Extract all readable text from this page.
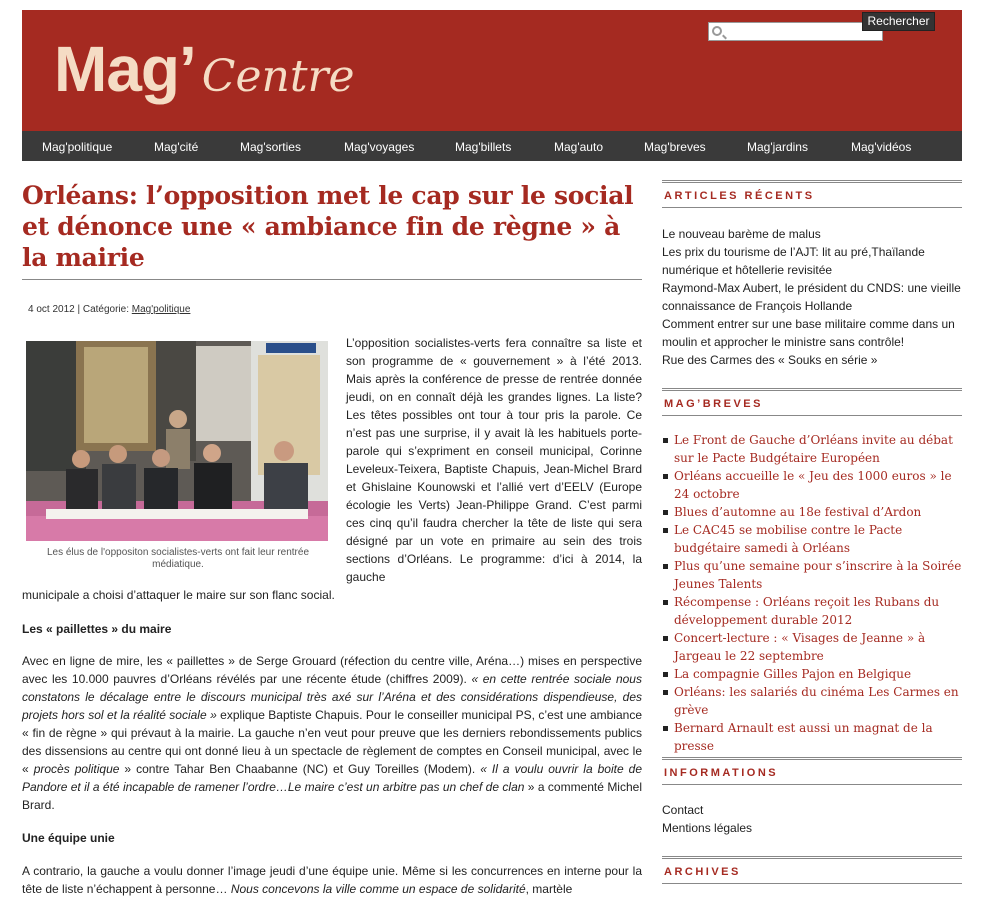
Mag’ Centre
Rechercher
Mag'politique	Mag'cité	Mag'sorties	Mag'voyages	Mag'billets	Mag'auto	Mag'breves	Mag'jardins	Mag'vidéos
Orléans: l’opposition met le cap sur le social et dénonce une « ambiance fin de règne » à la mairie
4 oct 2012 | Catégorie: Mag'politique
Les élus de l'oppositon socialistes-verts ont fait leur rentrée médiatique.
L’opposition socialistes-verts fera connaître sa liste et son programme de « gouvernement » à l’été 2013. Mais après la conférence de presse de rentrée donnée jeudi, on en connaît déjà les grandes lignes. La liste? Les têtes possibles ont tour à tour pris la parole. Ce n’est pas une surprise, il y avait là les habituels porte-parole qui s’expriment en conseil municipal, Corinne Leveleux-Teixera, Baptiste Chapuis, Jean-Michel Brard et Ghislaine Kounowski et l’allié vert d’EELV (Europe écologie les Verts) Jean-Philippe Grand. C’est parmi ces cinq qu’il faudra chercher la tête de liste qui sera désigné par un vote en primaire au sein des trois sections d’Orléans. Le programme: d’ici à 2014, la gauche
municipale a choisi d’attaquer le maire sur son flanc social.
Les « paillettes » du maire
Avec en ligne de mire, les « paillettes » de Serge Grouard (réfection du centre ville, Aréna…) mises en perspective avec les 10.000 pauvres d’Orléans révélés par une récente étude (chiffres 2009). « en cette rentrée sociale nous constatons le décalage entre le discours municipal très axé sur l’Aréna et des considérations dispendieuse, des projets hors sol et la réalité sociale » explique Baptiste Chapuis. Pour le conseiller municipal PS, c’est une ambiance « fin de règne » qui prévaut à la mairie. La gauche n’en veut pour preuve que les derniers rebondissements publics des dissensions au centre qui ont donné lieu à un spectacle de règlement de comptes en Conseil municipal, avec le « procès politique » contre Tahar Ben Chaabanne (NC) et Guy Toreilles (Modem). « Il a voulu ouvrir la boite de Pandore et il a été incapable de ramener l’ordre…Le maire c’est un arbitre pas un chef de clan » a commenté Michel Brard.
Une équipe unie
A contrario, la gauche a voulu donner l’image jeudi d’une équipe unie. Même si les concurrences en interne pour la tête de liste n’échappent à personne… Nous concevons la ville comme un espace de solidarité, martèle
ARTICLES RÉCENTS
Le nouveau barème de malus
Les prix du tourisme de l’AJT: lit au pré,Thaïlande numérique et hôtellerie revisitée
Raymond-Max Aubert, le président du CNDS: une vieille connaissance de François Hollande
Comment entrer sur une base militaire comme dans un moulin et approcher le ministre sans contrôle!
Rue des Carmes des « Souks en série »
MAG’BREVES
Le Front de Gauche d’Orléans invite au débat sur le Pacte Budgétaire Européen
Orléans accueille le « Jeu des 1000 euros » le 24 octobre
Blues d’automne au 18e festival d’Ardon
Le CAC45 se mobilise contre le Pacte budgétaire samedi à Orléans
Plus qu’une semaine pour s’inscrire à la Soirée Jeunes Talents
Récompense : Orléans reçoit les Rubans du développement durable 2012
Concert-lecture : « Visages de Jeanne » à Jargeau le 22 septembre
La compagnie Gilles Pajon en Belgique
Orléans: les salariés du cinéma Les Carmes en grève
Bernard Arnault est aussi un magnat de la presse
INFORMATIONS
Contact
Mentions légales
ARCHIVES
